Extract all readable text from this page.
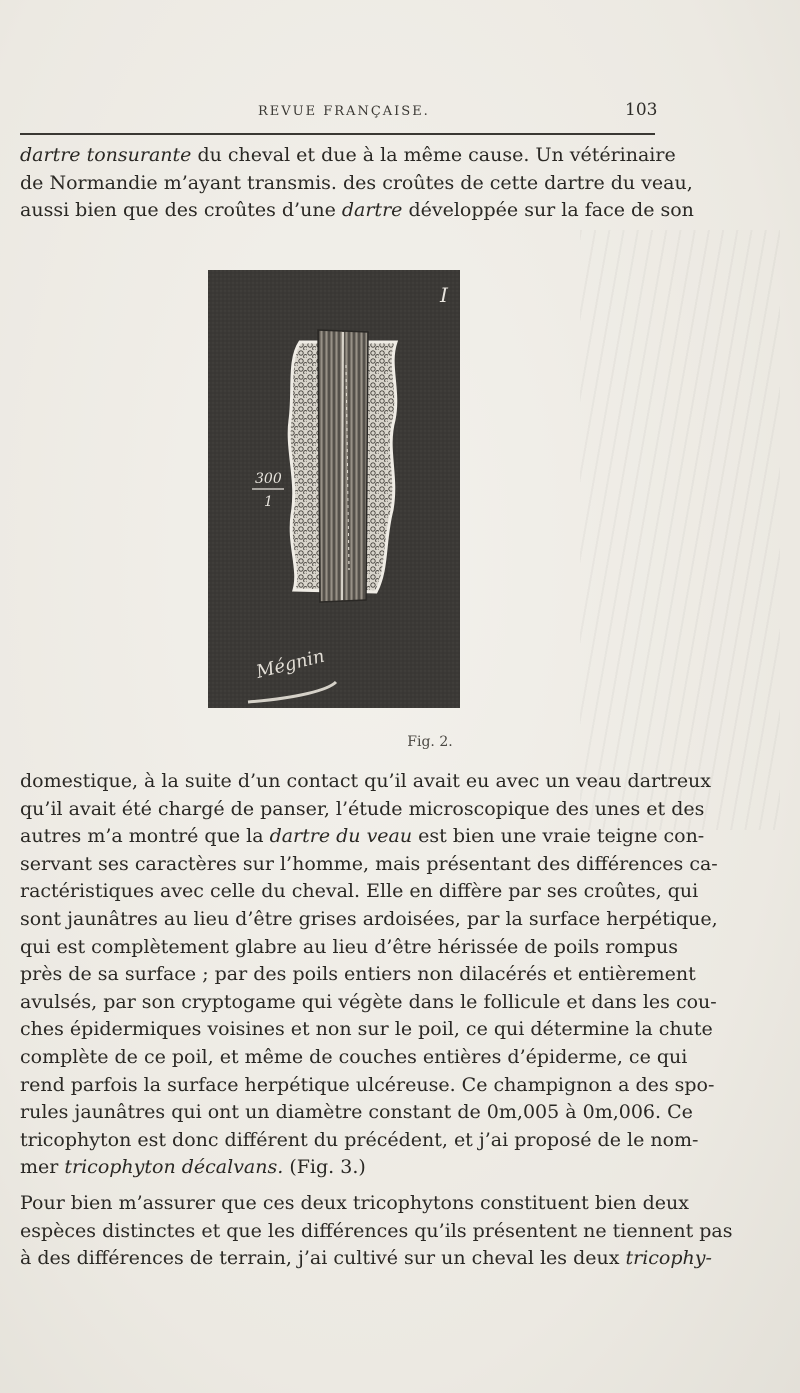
REVUE FRANÇAISE.	103
dartre tonsurante du cheval et due à la même cause. Un vétérinaire
de Normandie m’ayant transmis. des croûtes de cette dartre du veau,
aussi bien que des croûtes d’une dartre développée sur la face de son
I
300
1
Mégnin
Fig. 2.
domestique, à la suite d’un contact qu’il avait eu avec un veau dartreux
qu’il avait été chargé de panser, l’étude microscopique des unes et des
autres m’a montré que la dartre du veau est bien une vraie teigne con-
servant ses caractères sur l’homme, mais présentant des différences ca-
ractéristiques avec celle du cheval. Elle en diffère par ses croûtes, qui
sont jaunâtres au lieu d’être grises ardoisées, par la surface herpétique,
qui est complètement glabre au lieu d’être hérissée de poils rompus
près de sa surface ; par des poils entiers non dilacérés et entièrement
avulsés, par son cryptogame qui végète dans le follicule et dans les cou-
ches épidermiques voisines et non sur le poil, ce qui détermine la chute
complète de ce poil, et même de couches entières d’épiderme, ce qui
rend parfois la surface herpétique ulcéreuse. Ce champignon a des spo-
rules jaunâtres qui ont un diamètre constant de 0m,005 à 0m,006. Ce
tricophyton est donc différent du précédent, et j’ai proposé de le nom-
mer tricophyton décalvans. (Fig. 3.)
Pour bien m’assurer que ces deux tricophytons constituent bien deux
espèces distinctes et que les différences qu’ils présentent ne tiennent pas
à des différences de terrain, j’ai cultivé sur un cheval les deux tricophy-
